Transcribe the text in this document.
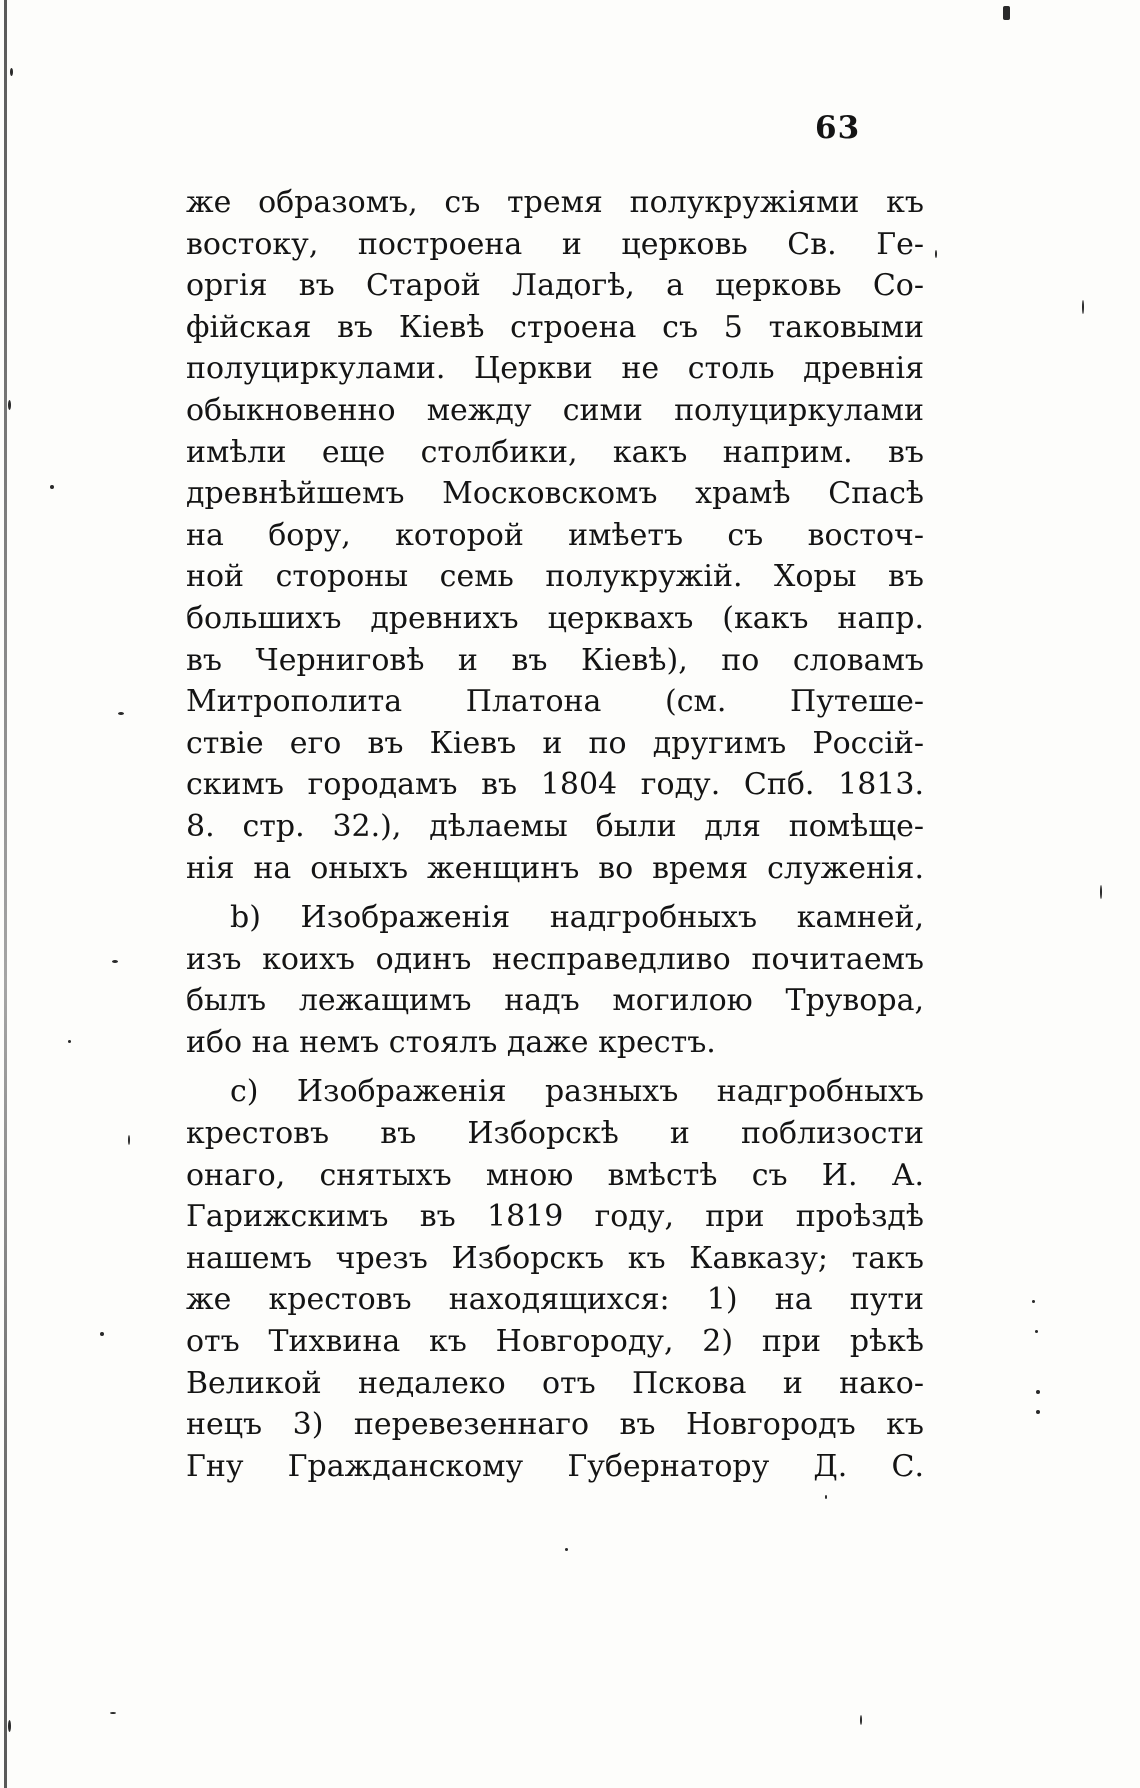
63
же образомъ, съ тремя полукружіями къ
востоку, построена и церковь Св. Ге-
оргія въ Старой Ладогѣ, а церковь Со-
фійская въ Кіевѣ строена съ 5 таковыми
полуциркулами. Церкви не столь древнія
обыкновенно между сими полуциркулами
имѣли еще столбики, какъ наприм. въ
древнѣйшемъ Московскомъ храмѣ Спасѣ
на бору, которой имѣетъ съ восточ-
ной стороны семь полукружій. Хоры въ
большихъ древнихъ церквахъ (какъ напр.
въ Черниговѣ и въ Кіевѣ), по словамъ
Митрополита Платона (см. Путеше-
ствіе его въ Кіевъ и по другимъ Россій-
скимъ городамъ въ 1804 году. Спб. 1813.
8. стр. 32.), дѣлаемы были для помѣще-
нія на оныхъ женщинъ во время служенія.
b) Изображенія надгробныхъ камней,
изъ коихъ одинъ несправедливо почитаемъ
былъ лежащимъ надъ могилою Трувора,
ибо на немъ стоялъ даже крестъ.
c) Изображенія разныхъ надгробныхъ
крестовъ въ Изборскѣ и поблизости
онаго, снятыхъ мною вмѣстѣ съ И. А.
Гарижскимъ въ 1819 году, при проѣздѣ
нашемъ чрезъ Изборскъ къ Кавказу; такъ
же крестовъ находящихся: 1) на пути
отъ Тихвина къ Новгороду, 2) при рѣкѣ
Великой недалеко отъ Пскова и нако-
нецъ 3) перевезеннаго въ Новгородъ къ
Гну Гражданскому Губернатору Д. С.
